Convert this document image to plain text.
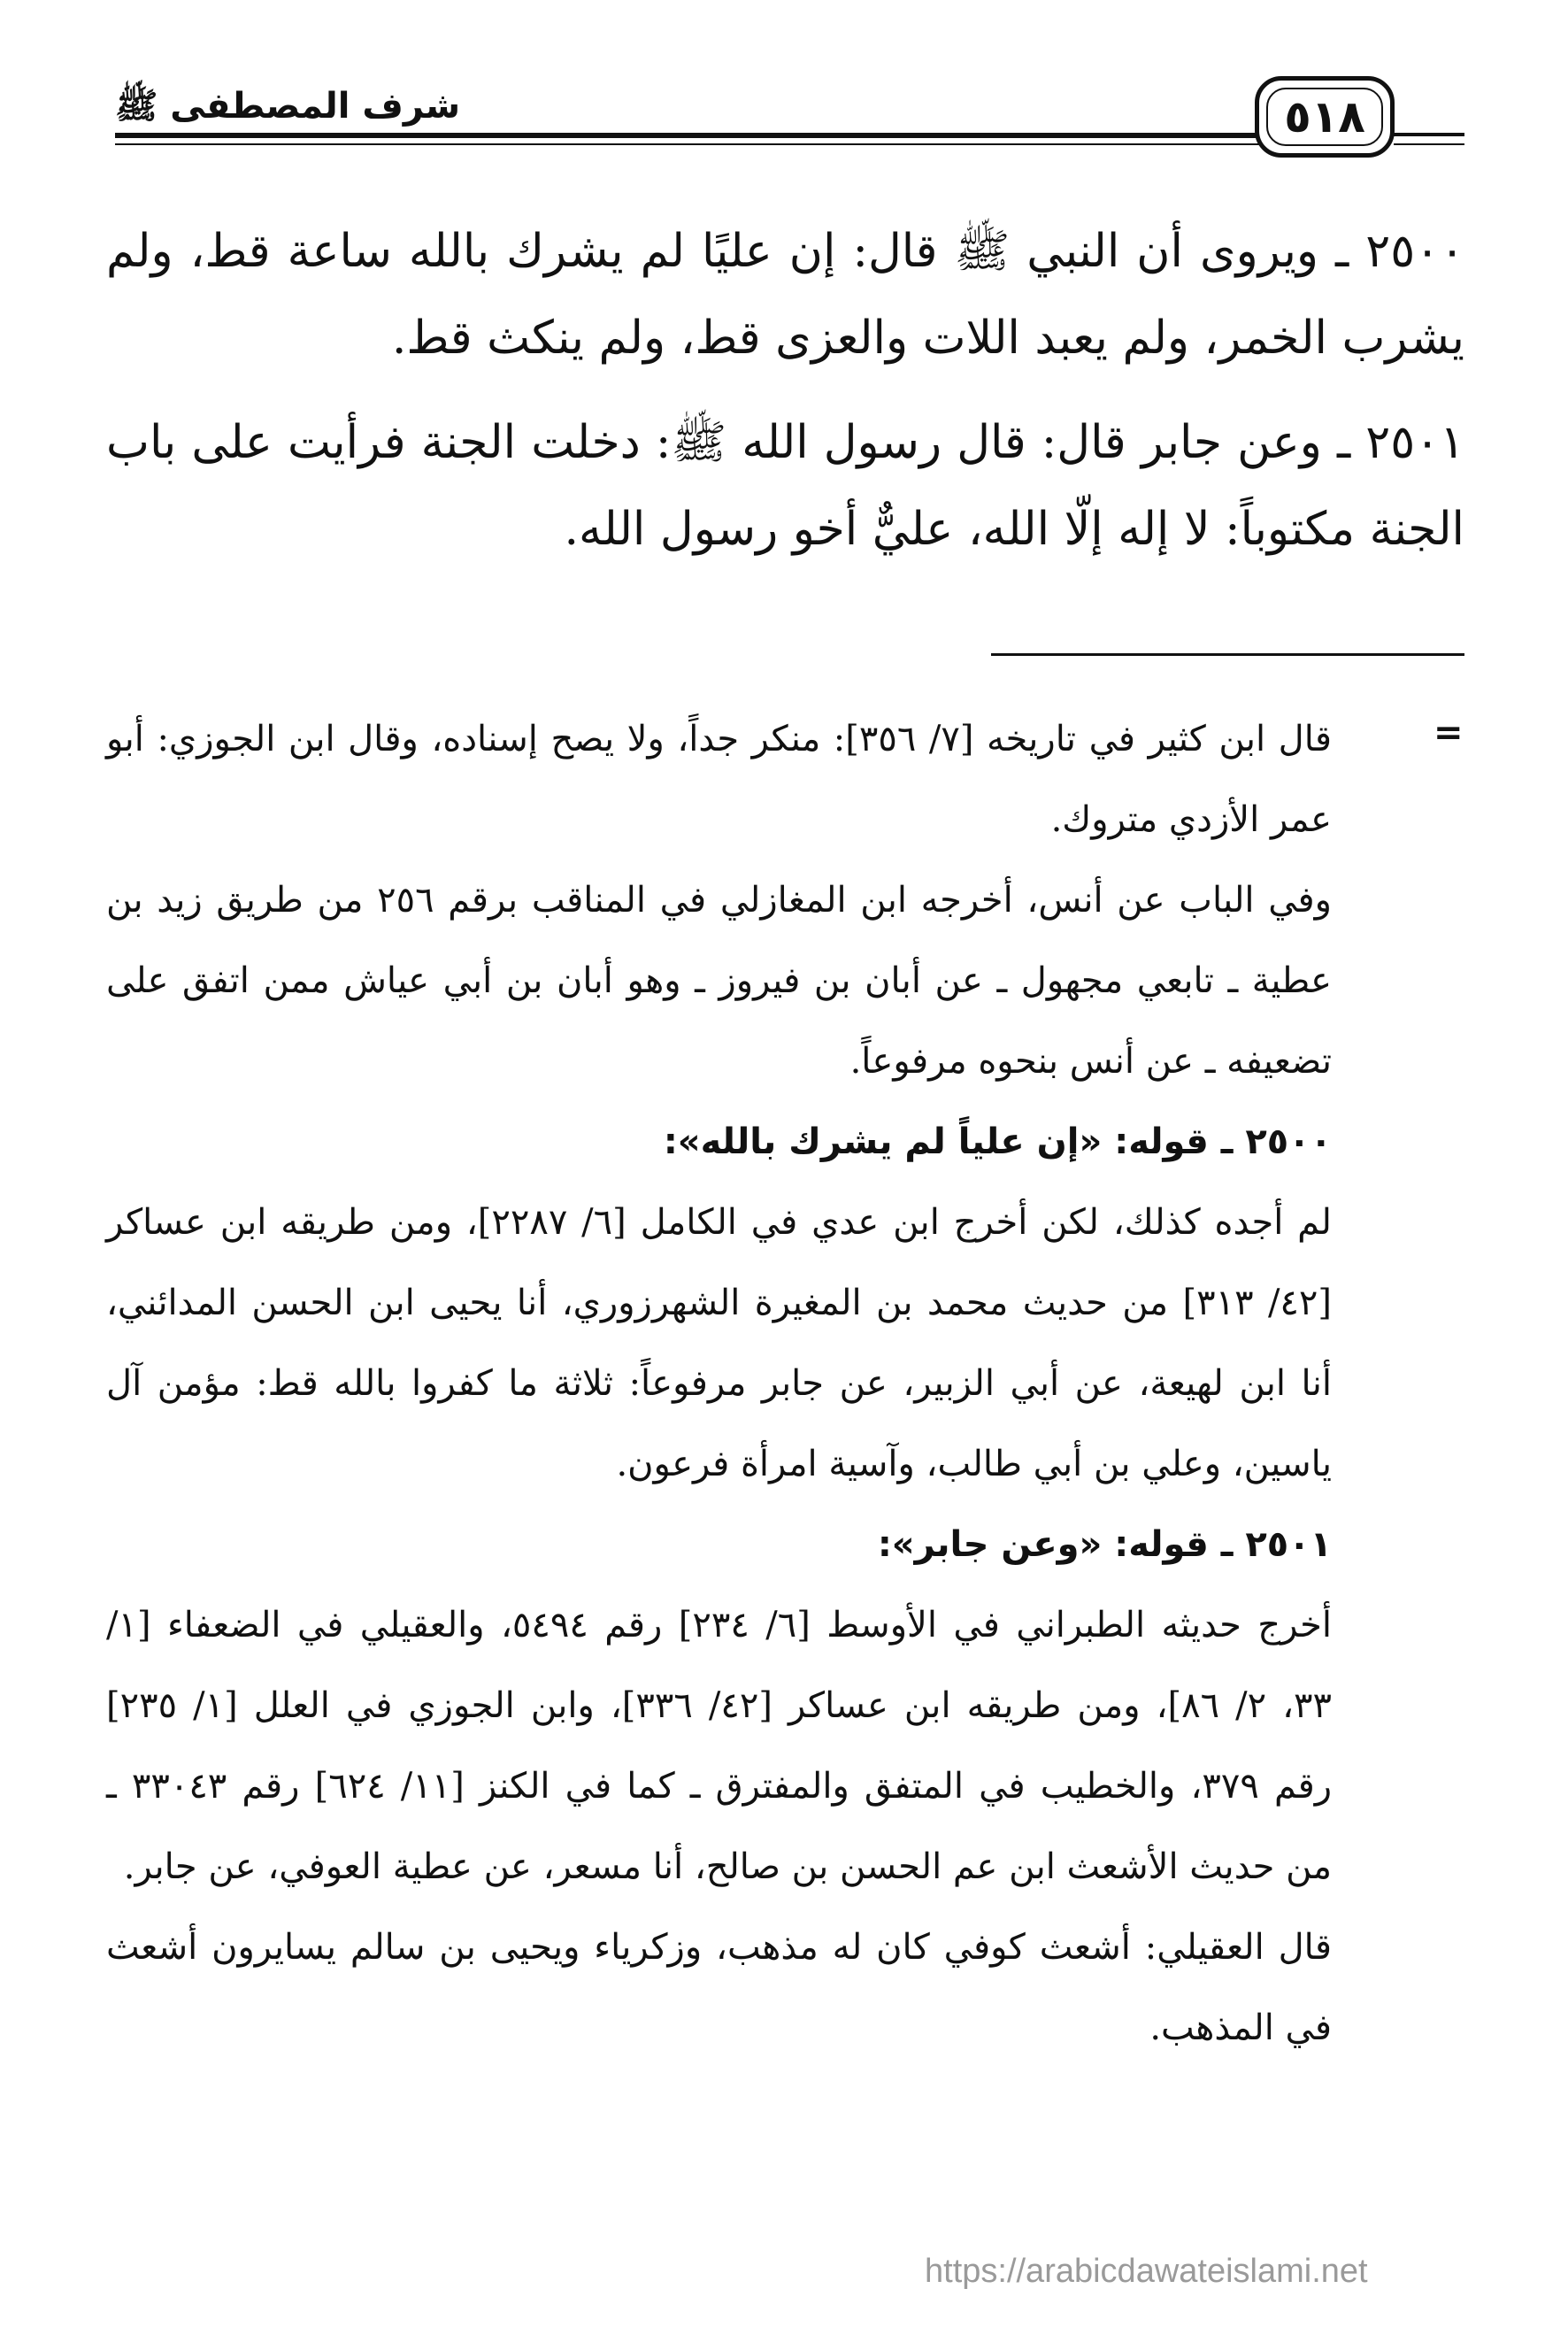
شرف المصطفى ﷺ	٥١٨

٢٥٠٠ ـ ويروى أن النبي ﷺ قال: إن عليًا لم يشرك بالله ساعة قط، ولم يشرب الخمر، ولم يعبد اللات والعزى قط، ولم ينكث قط.

٢٥٠١ ـ وعن جابر قال: قال رسول الله ﷺ: دخلت الجنة فرأيت على باب الجنة مكتوباً: لا إله إلّا الله، عليٌّ أخو رسول الله.

=

قال ابن كثير في تاريخه [٧/ ٣٥٦]: منكر جداً، ولا يصح إسناده، وقال ابن الجوزي: أبو عمر الأزدي متروك.

وفي الباب عن أنس، أخرجه ابن المغازلي في المناقب برقم ٢٥٦ من طريق زيد بن عطية ـ تابعي مجهول ـ عن أبان بن فيروز ـ وهو أبان بن أبي عياش ممن اتفق على تضعيفه ـ عن أنس بنحوه مرفوعاً.

٢٥٠٠ ـ قوله: «إن علياً لم يشرك بالله»:

لم أجده كذلك، لكن أخرج ابن عدي في الكامل [٦/ ٢٢٨٧]، ومن طريقه ابن عساكر [٤٢/ ٣١٣] من حديث محمد بن المغيرة الشهرزوري، أنا يحيى ابن الحسن المدائني، أنا ابن لهيعة، عن أبي الزبير، عن جابر مرفوعاً: ثلاثة ما كفروا بالله قط: مؤمن آل ياسين، وعلي بن أبي طالب، وآسية امرأة فرعون.

٢٥٠١ ـ قوله: «وعن جابر»:

أخرج حديثه الطبراني في الأوسط [٦/ ٢٣٤] رقم ٥٤٩٤، والعقيلي في الضعفاء [١/ ٣٣، ٢/ ٨٦]، ومن طريقه ابن عساكر [٤٢/ ٣٣٦]، وابن الجوزي في العلل [١/ ٢٣٥] رقم ٣٧٩، والخطيب في المتفق والمفترق ـ كما في الكنز [١١/ ٦٢٤] رقم ٣٣٠٤٣ ـ من حديث الأشعث ابن عم الحسن بن صالح، أنا مسعر، عن عطية العوفي، عن جابر.

قال العقيلي: أشعث كوفي كان له مذهب، وزكرياء ويحيى بن سالم يسايرون أشعث في المذهب.

https://arabicdawateislami.net
